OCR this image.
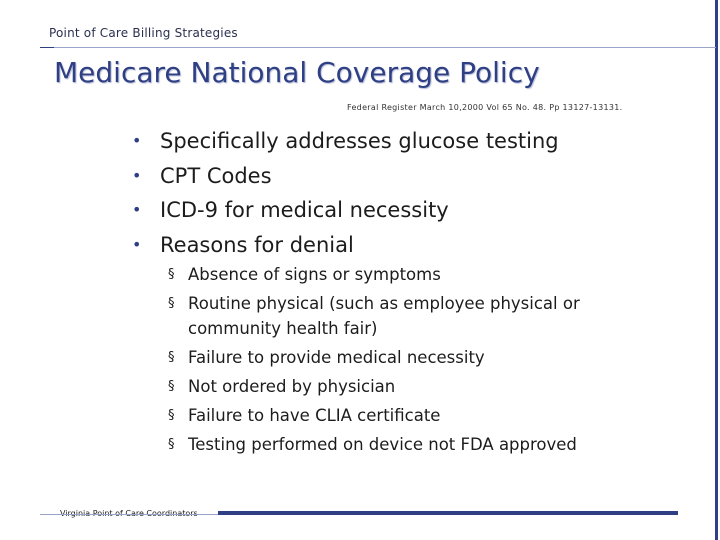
Point of Care Billing Strategies
Medicare National Coverage Policy
Federal Register March 10,2000 Vol 65 No. 48. Pp 13127-13131.
• Specifically addresses glucose testing
• CPT Codes
• ICD-9 for medical necessity
• Reasons for denial
§ Absence of signs or symptoms
§ Routine physical (such as employee physical or community health fair)
§ Failure to provide medical necessity
§ Not ordered by physician
§ Failure to have CLIA certificate
§ Testing performed on device not FDA approved
